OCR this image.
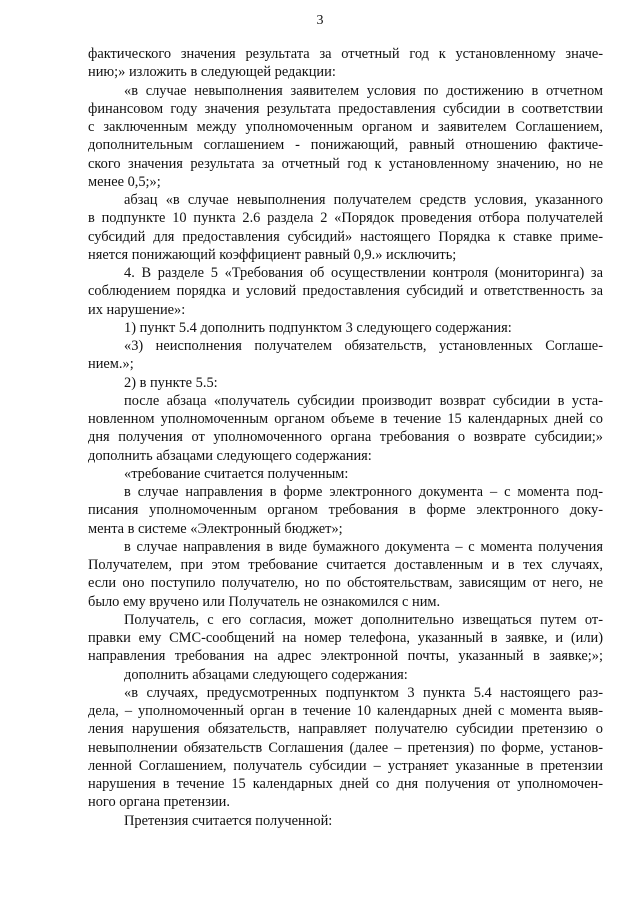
3
фактического значения результата за отчетный год к установленному значе-
нию;» изложить в следующей редакции:
«в случае невыполнения заявителем условия по достижению в отчетном
финансовом году значения результата предоставления субсидии в соответствии
с заключенным между уполномоченным органом и заявителем Соглашением,
дополнительным соглашением - понижающий, равный отношению фактиче-
ского значения результата за отчетный год к установленному значению, но не
менее 0,5;»;
абзац «в случае невыполнения получателем средств условия, указанного
в подпункте 10 пункта 2.6 раздела 2 «Порядок проведения отбора получателей
субсидий для предоставления субсидий» настоящего Порядка к ставке приме-
няется понижающий коэффициент равный 0,9.» исключить;
4. В разделе 5 «Требования об осуществлении контроля (мониторинга) за
соблюдением порядка и условий предоставления субсидий и ответственность за
их нарушение»:
1) пункт 5.4 дополнить подпунктом 3 следующего содержания:
«3) неисполнения получателем обязательств, установленных Соглаше-
нием.»;
2) в пункте 5.5:
после абзаца «получатель субсидии производит возврат субсидии в уста-
новленном уполномоченным органом объеме в течение 15 календарных дней со
дня получения от уполномоченного органа требования о возврате субсидии;»
дополнить абзацами следующего содержания:
«требование считается полученным:
в случае направления в форме электронного документа – с момента под-
писания уполномоченным органом требования в форме электронного доку-
мента в системе «Электронный бюджет»;
в случае направления в виде бумажного документа – с момента получения
Получателем, при этом требование считается доставленным и в тех случаях,
если оно поступило получателю, но по обстоятельствам, зависящим от него, не
было ему вручено или Получатель не ознакомился с ним.
Получатель, с его согласия, может дополнительно извещаться путем от-
правки ему СМС-сообщений на номер телефона, указанный в заявке, и (или)
направления требования на адрес электронной почты, указанный в заявке;»;
дополнить абзацами следующего содержания:
«в случаях, предусмотренных подпунктом 3 пункта 5.4 настоящего раз-
дела, – уполномоченный орган в течение 10 календарных дней с момента выяв-
ления нарушения обязательств, направляет получателю субсидии претензию о
невыполнении обязательств Соглашения (далее – претензия) по форме, установ-
ленной Соглашением, получатель субсидии – устраняет указанные в претензии
нарушения в течение 15 календарных дней со дня получения от уполномочен-
ного органа претензии.
Претензия считается полученной:
